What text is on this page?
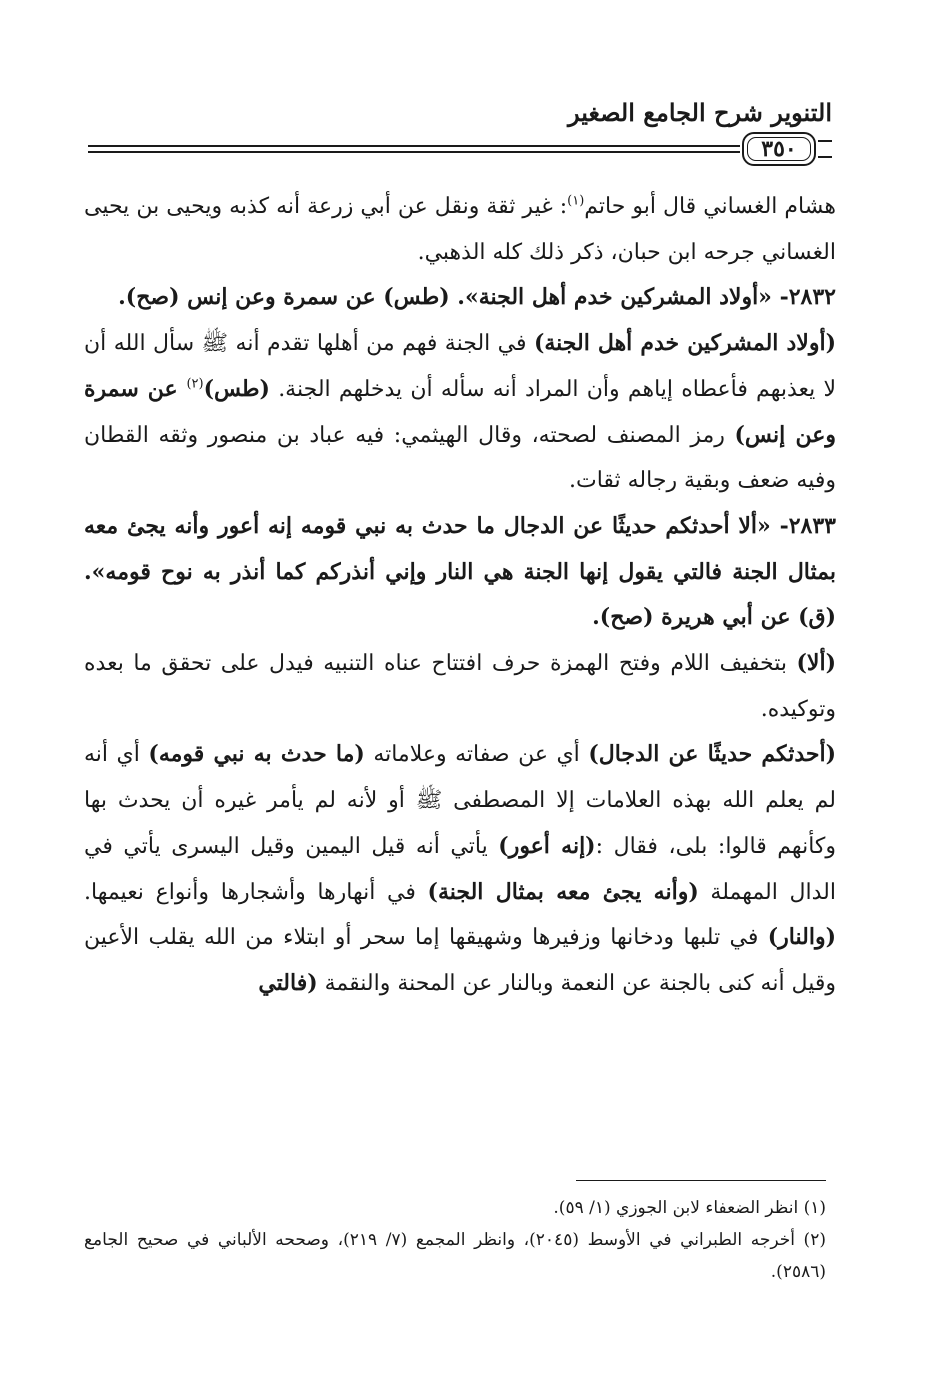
التنوير شرح الجامع الصغير
٣٥٠

هشام الغساني قال أبو حاتم$^{(١)}$: غير ثقة ونقل عن أبي زرعة أنه كذبه ويحيى بن يحيى الغساني جرحه ابن حبان، ذكر ذلك كله الذهبي.

٢٨٣٢- «أولاد المشركين خدم أهل الجنة». (طس) عن سمرة وعن إنس (صح).

(أولاد المشركين خدم أهل الجنة) في الجنة فهم من أهلها تقدم أنه ﷺ سأل الله أن لا يعذبهم فأعطاه إياهم وأن المراد أنه سأله أن يدخلهم الجنة. (طس)$^{(٢)}$ عن سمرة وعن إنس) رمز المصنف لصحته، وقال الهيثمي: فيه عباد بن منصور وثقه القطان وفيه ضعف وبقية رجاله ثقات.

٢٨٣٣- «ألا أحدثكم حديثًا عن الدجال ما حدث به نبي قومه إنه أعور وأنه يجئ معه بمثال الجنة فالتي يقول إنها الجنة هي النار وإني أنذركم كما أنذر به نوح قومه». (ق) عن أبي هريرة (صح).

(ألا) بتخفيف اللام وفتح الهمزة حرف افتتاح عناه التنبيه فيدل على تحقق ما بعده وتوكيده.

(أحدثكم حديثًا عن الدجال) أي عن صفاته وعلاماته (ما حدث به نبي قومه) أي أنه لم يعلم الله بهذه العلامات إلا المصطفى ﷺ أو لأنه لم يأمر غيره أن يحدث بها وكأنهم قالوا: بلى، فقال :(إنه أعور) يأتي أنه قيل اليمين وقيل اليسرى يأتي في الدال المهملة (وأنه يجئ معه بمثال الجنة) في أنهارها وأشجارها وأنواع نعيمها. (والنار) في تلبها ودخانها وزفيرها وشهيقها إما سحر أو ابتلاء من الله يقلب الأعين وقيل أنه كنى بالجنة عن النعمة وبالنار عن المحنة والنقمة (فالتي

(١) انظر الضعفاء لابن الجوزي (١/ ٥٩).

(٢) أخرجه الطبراني في الأوسط (٢٠٤٥)، وانظر المجمع (٧/ ٢١٩)، وصححه الألباني في صحيح الجامع (٢٥٨٦).
